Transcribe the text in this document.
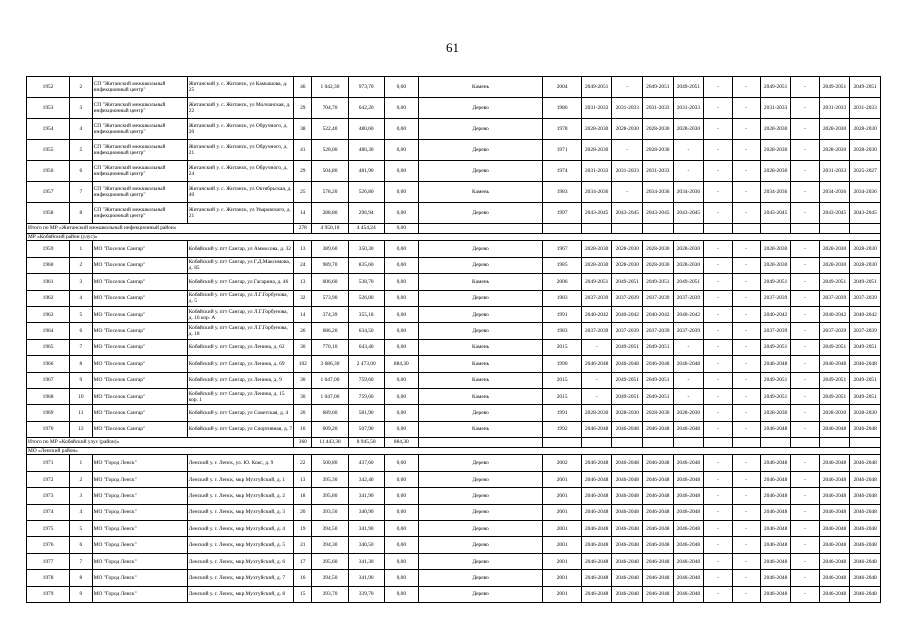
61
1952	2	СП "Житанский межшкольный инфекционный центр"	Житанский у. с. Житанск, ул Камышова, д. 25	46	1 042,30	973,70	0,00	Камень	2004	2049-2051	-	2049-2051	2049-2051	-	-	2049-2051	-	2049-2051	2049-2051
1953	3	СП "Житанский межшкольный инфекционный центр"	Житанский у. с. Житанск, ул Молчанская, д. 22	29	704,70	642,20	0,00	Дерево	1986	2031-2033	2031-2033	2031-2033	2031-2033	-	-	2031-2033	-	2031-2033	2031-2033
1954	4	СП "Житанский межшкольный инфекционный центр"	Житанский у. с. Житанск, ул Обручного, д. 20	38	522,40	480,60	0,00	Дерево	1978	2028-2030	2028-2030	2028-2030	2028-2030	-	-	2028-2030	-	2028-2030	2028-2030
1955	5	СП "Житанский межшкольный инфекционный центр"	Житанский у. с. Житанск, ул Обручного, д. 21	41	528,00	486,30	0,00	Дерево	1971	2028-2030	-	2028-2030	-	-	-	2028-2030	-	2028-2030	2028-2030
1956	6	СП "Житанский межшкольный инфекционный центр"	Житанский у. с. Житанск, ул Обручного, д. 24	29	504,80	481,90	0,00	Дерево	1974	2031-2033	2031-2033	2031-2033	-	-	-	2028-2030	-	2031-2033	2025-2027
1957	7	СП "Житанский межшкольный инфекционный центр"	Житанский у. с. Житанск, ул Октябрьская, д. 40	25	578,20	526,80	0,00	Камень	1983	2034-2036	-	2034-2036	2034-2036	-	-	2034-2036	-	2034-2036	2034-2036
1958	8	СП "Житанский межшкольный инфекционный центр"	Житанский у. с. Житанск, ул Уваровского, д. 21	14	288,80	296,94	0,00	Дерево	1997	2043-2045	2043-2045	2043-2045	2043-2045	-	-	2043-2045	-	2043-2045	2043-2045
Итого по МР «Житанский межшкольный инфекционный район»				278	4 950,10	4 454,24	0,00												
МР «Кобяйский район (улус)»																			
1959	1	МО "Поселок Сангар"	Кобяйский у. пгт Сангар, ул Аммосова, д. 32	13	389,60	350,30	0,00	Дерево	1967	2028-2030	2028-2030	2028-2030	2028-2030	-	-	2028-2030	-	2028-2030	2028-2030
1960	2	МО "Поселок Сангар"	Кобяйский у. пгт Сангар, ул Г.Д.Максимова, д. 85	24	989,70	835,60	0,00	Дерево	1985	2028-2030	2028-2030	2028-2030	2028-2030	-	-	2028-2030	-	2028-2030	2028-2030
1961	3	МО "Поселок Сангар"	Кобяйский у. пгт Сангар, ул Гагарина, д. 46	13	606,60	538,70	0,00	Камень	2006	2049-2051	2049-2051	2049-2051	2049-2051	-	-	2049-2051	-	2049-2051	2049-2051
1962	4	МО "Поселок Сангар"	Кобяйский у. пгт Сангар, ул Л.Г.Горбунова, д. 5	32	573,90	526,80	0,00	Дерево	1983	2037-2039	2037-2039	2037-2039	2037-2039	-	-	2037-2039	-	2037-2039	2037-2039
1963	5	МО "Поселок Сангар"	Кобяйский у. пгт Сангар, ул Л.Г.Горбунова, д. 16 кор. А	14	374,39	355,18	0,00	Дерево	1991	2040-2042	2040-2042	2040-2042	2040-2042	-	-	2040-2042	-	2040-2042	2040-2042
1964	6	МО "Поселок Сангар"	Кобяйский у. пгт Сангар, ул Л.Г.Горбунова, д. 18	26	686,20	634,50	0,00	Дерево	1983	2037-2039	2037-2039	2037-2039	2037-2039	-	-	2037-2039	-	2037-2039	2037-2039
1965	7	МО "Поселок Сангар"	Кобяйский у. пгт Сангар, ул Ленина, д. 62	30	770,10	643,40	0,00	Камень	2015	-	2049-2051	2049-2051	-	-	-	2049-2051	-	2049-2051	2049-2051
1966	8	МО "Поселок Сангар"	Кобяйский у. пгт Сангар, ул Ленина, д. 69	102	3 686,30	2 473,00	884,30	Камень	1990	2046-2048	2046-2048	2046-2048	2046-2048	-	-	2046-2048	-	2046-2048	2046-2048
1967	9	МО "Поселок Сангар"	Кобяйский у. пгт Сангар, ул Ленина, д. 9	30	1 047,00	759,60	0,00	Камень	2015	-	2049-2051	2049-2051	-	-	-	2049-2051	-	2049-2051	2049-2051
1968	10	МО "Поселок Сангар"	Кобяйский у. пгт Сангар, ул Ленина, д. 15 кор. 1	30	1 047,00	759,60	0,00	Камень	2015	-	2049-2051	2049-2051	-	-	-	2049-2051	-	2049-2051	2049-2051
1969	11	МО "Поселок Сангар"	Кобяйский у. пгт Сангар, ул Советская, д. 4	20	689,60	581,90	0,00	Дерево	1991	2028-2030	2028-2030	2028-2030	2028-2030	-	-	2028-2030	-	2028-2030	2028-2030
1970	12	МО "Поселок Сангар"	Кобяйский у. пгт Сангар, ул Спортивная, д. 7	16	609,20	507,90	0,00	Камень	1992	2046-2048	2046-2048	2046-2048	2046-2048	-	-	2046-2048	-	2046-2048	2046-2048
Итого по МР «Кобяйский улус (район)»				360	11 443,38	8 945,58	884,30												
МО «Ленский район»																			
1971	1	МО "Город Ленск"	Ленский у. г. Ленск, ул. Ю. Кокс, д. 9	22	500,80	437,60	0,00	Дерево	2002	2046-2048	2046-2048	2046-2048	2046-2048	-	-	2046-2048	-	2046-2048	2046-2048
1972	2	МО "Город Ленск"	Ленский у. г. Ленск, мкр Мухтуйский, д. 1	13	395,30	342,40	0,00	Дерево	2001	2046-2048	2046-2048	2046-2048	2046-2048	-	-	2046-2048	-	2046-2048	2046-2048
1973	3	МО "Город Ленск"	Ленский у. г. Ленск, мкр Мухтуйский, д. 2	18	395,80	341,90	0,00	Дерево	2001	2046-2048	2046-2048	2046-2048	2046-2048	-	-	2046-2048	-	2046-2048	2046-2048
1974	4	МО "Город Ленск"	Ленский у. г. Ленск, мкр Мухтуйский, д. 3	20	393,50	340,90	0,00	Дерево	2001	2046-2048	2046-2048	2046-2048	2046-2048	-	-	2046-2048	-	2046-2048	2046-2048
1975	5	МО "Город Ленск"	Ленский у. г. Ленск, мкр Мухтуйский, д. 4	19	394,50	341,90	0,00	Дерево	2001	2046-2048	2046-2048	2046-2048	2046-2048	-	-	2046-2048	-	2046-2048	2046-2048
1976	6	МО "Город Ленск"	Ленский у. г. Ленск, мкр Мухтуйский, д. 5	21	394,30	340,50	0,00	Дерево	2001	2046-2048	2046-2048	2046-2048	2046-2048	-	-	2046-2048	-	2046-2048	2046-2048
1977	7	МО "Город Ленск"	Ленский у. г. Ленск, мкр Мухтуйский, д. 6	17	395,60	341,30	0,00	Дерево	2001	2046-2048	2046-2048	2046-2048	2046-2048	-	-	2046-2048	-	2046-2048	2046-2048
1978	8	МО "Город Ленск"	Ленский у. г. Ленск, мкр Мухтуйский, д. 7	16	394,50	341,90	0,00	Дерево	2001	2046-2048	2046-2048	2046-2048	2046-2048	-	-	2046-2048	-	2046-2048	2046-2048
1979	9	МО "Город Ленск"	Ленский у. г. Ленск, мкр Мухтуйский, д. 8	15	393,70	339,70	0,00	Дерево	2001	2046-2048	2046-2048	2046-2048	2046-2048	-	-	2046-2048	-	2046-2048	2046-2048
